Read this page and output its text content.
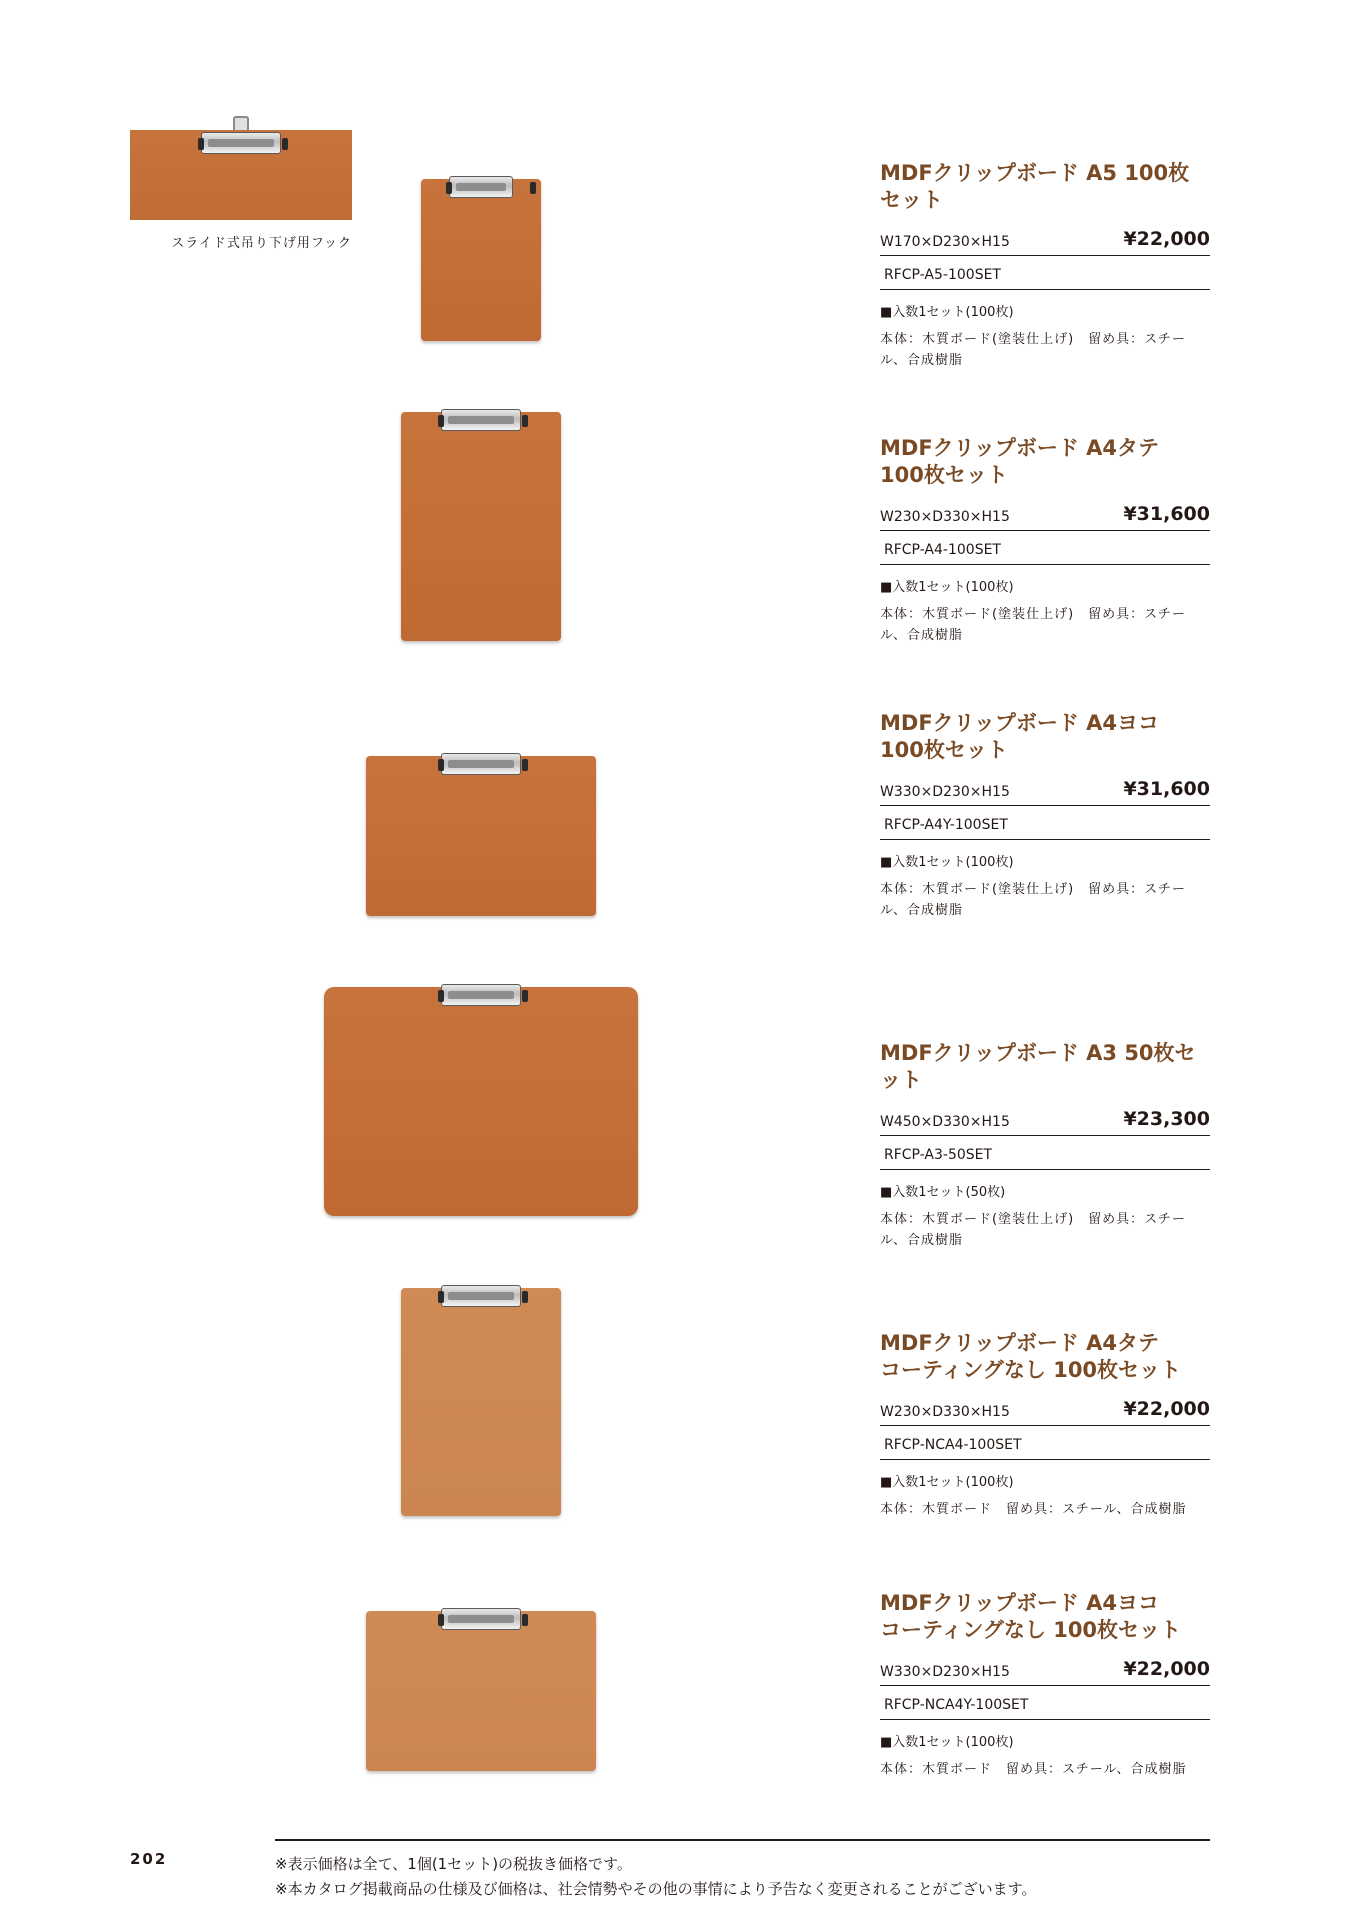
スライド式吊り下げ用フック
MDFクリップボード A5 100枚セット
W170×D230×H15	¥22,000
RFCP-A5-100SET
■入数1セット(100枚)
本体：木質ボード(塗装仕上げ)　留め具：スチール、合成樹脂
MDFクリップボード A4タテ
100枚セット
W230×D330×H15	¥31,600
RFCP-A4-100SET
■入数1セット(100枚)
本体：木質ボード(塗装仕上げ)　留め具：スチール、合成樹脂
MDFクリップボード A4ヨコ
100枚セット
W330×D230×H15	¥31,600
RFCP-A4Y-100SET
■入数1セット(100枚)
本体：木質ボード(塗装仕上げ)　留め具：スチール、合成樹脂
MDFクリップボード A3 50枚セット
W450×D330×H15	¥23,300
RFCP-A3-50SET
■入数1セット(50枚)
本体：木質ボード(塗装仕上げ)　留め具：スチール、合成樹脂
MDFクリップボード A4タテ
コーティングなし 100枚セット
W230×D330×H15	¥22,000
RFCP-NCA4-100SET
■入数1セット(100枚)
本体：木質ボード　留め具：スチール、合成樹脂
MDFクリップボード A4ヨコ
コーティングなし 100枚セット
W330×D230×H15	¥22,000
RFCP-NCA4Y-100SET
■入数1セット(100枚)
本体：木質ボード　留め具：スチール、合成樹脂
202	※表示価格は全て、1個(1セット)の税抜き価格です。
※本カタログ掲載商品の仕様及び価格は、社会情勢やその他の事情により予告なく変更されることがございます。
